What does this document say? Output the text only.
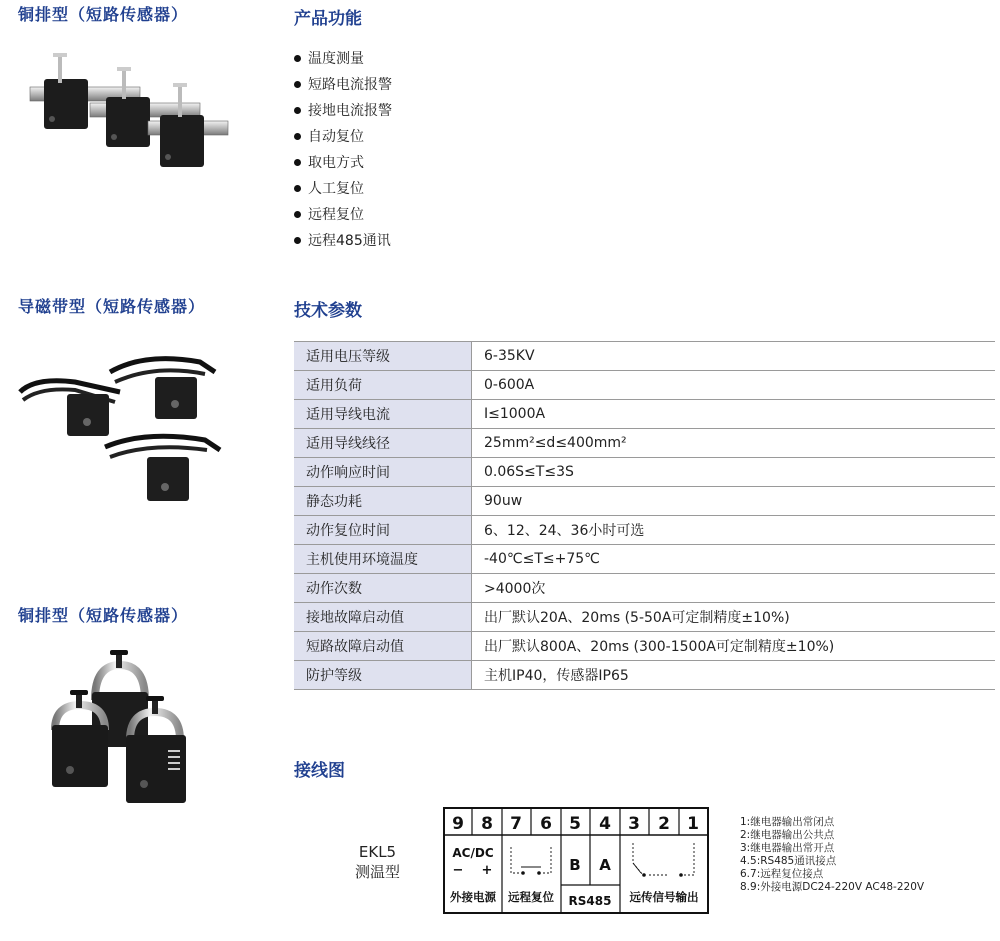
铜排型（短路传感器）
导磁带型（短路传感器）
铜排型（短路传感器）
产品功能
温度测量
短路电流报警
接地电流报警
自动复位
取电方式
人工复位
远程复位
远程485通讯
技术参数
适用电压等级	6-35KV
适用负荷	0-600A
适用导线电流	I≤1000A
适用导线线径	25mm²≤d≤400mm²
动作响应时间	0.06S≤T≤3S
静态功耗	90uw
动作复位时间	6、12、24、36小时可选
主机使用环境温度	-40℃≤T≤+75℃
动作次数	>4000次
接地故障启动值	出厂默认20A、20ms (5-50A可定制精度±10%)
短路故障启动值	出厂默认800A、20ms (300-1500A可定制精度±10%)
防护等级	主机IP40，传感器IP65
接线图
EKL5
测温型
9 8 7 6 5 4 3 2 1
AC/DC
− +
外接电源 远程复位
B A
RS485 远传信号输出
1:继电器输出常闭点
2:继电器输出公共点
3:继电器输出常开点
4.5:RS485通讯接点
6.7:远程复位接点
8.9:外接电源DC24-220V AC48-220V
